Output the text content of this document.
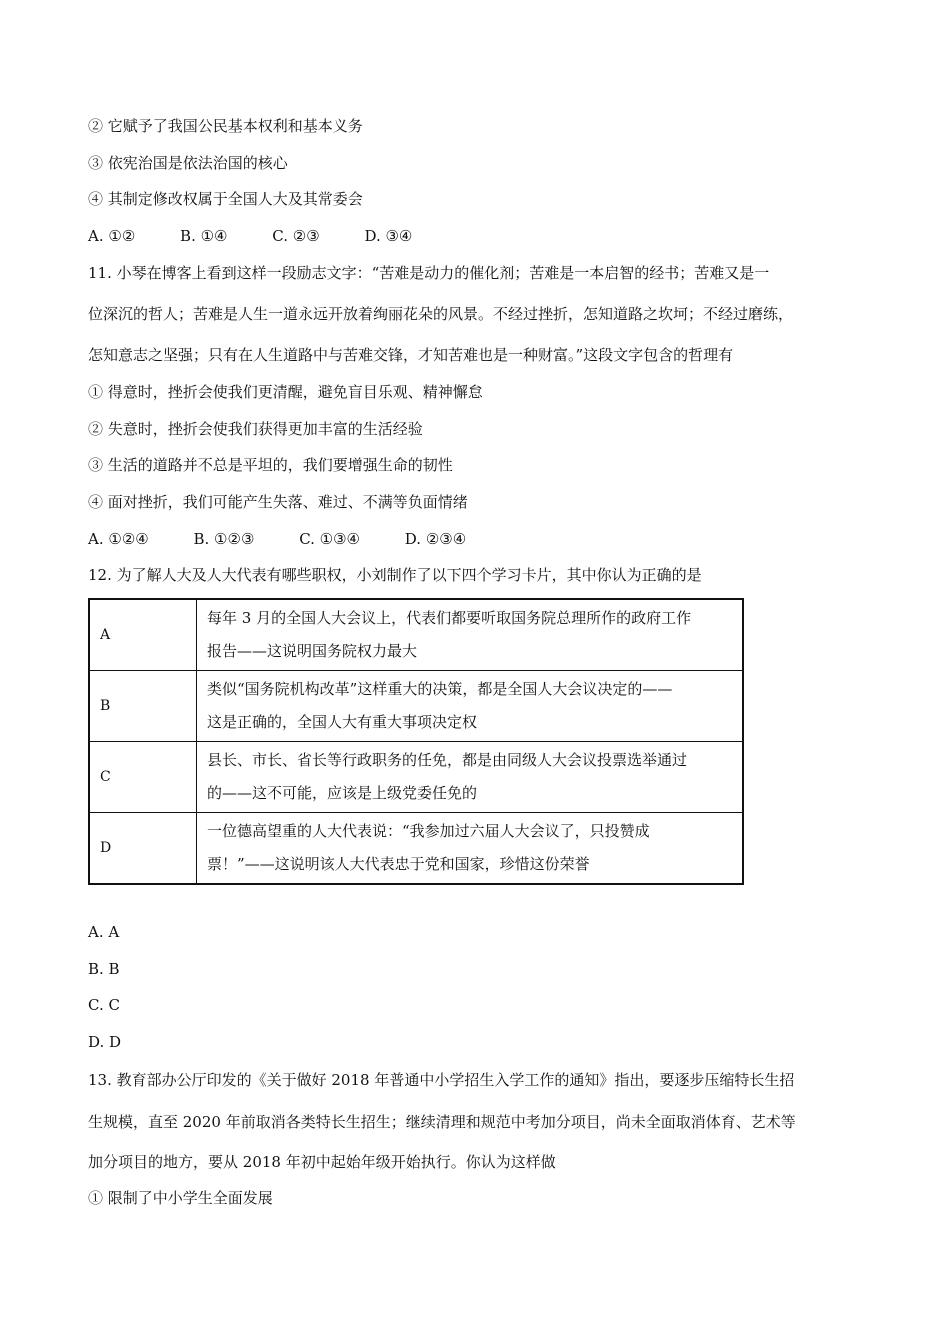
② 它赋予了我国公民基本权利和基本义务
③ 依宪治国是依法治国的核心
④ 其制定修改权属于全国人大及其常委会
A. ①②	B. ①④	C. ②③	D. ③④
11. 小琴在博客上看到这样一段励志文字：“苦难是动力的催化剂；苦难是一本启智的经书；苦难又是一
位深沉的哲人；苦难是人生一道永远开放着绚丽花朵的风景。不经过挫折，怎知道路之坎坷；不经过磨练，
怎知意志之坚强；只有在人生道路中与苦难交锋，才知苦难也是一种财富。”这段文字包含的哲理有
① 得意时，挫折会使我们更清醒，避免盲目乐观、精神懈怠
② 失意时，挫折会使我们获得更加丰富的生活经验
③ 生活的道路并不总是平坦的，我们要增强生命的韧性
④ 面对挫折，我们可能产生失落、难过、不满等负面情绪
A. ①②④	B. ①②③	C. ①③④	D. ②③④
12. 为了解人大及人大代表有哪些职权，小刘制作了以下四个学习卡片，其中你认为正确的是
A	每年 3 月的全国人大会议上，代表们都要听取国务院总理所作的政府工作
报告——这说明国务院权力最大

B	类似“国务院机构改革”这样重大的决策，都是全国人大会议决定的——
这是正确的，全国人大有重大事项决定权

C	县长、市长、省长等行政职务的任免，都是由同级人大会议投票选举通过
的——这不可能，应该是上级党委任免的

D	一位德高望重的人大代表说：“我参加过六届人大会议了，只投赞成
票！”——这说明该人大代表忠于党和国家，珍惜这份荣誉
A. A
B. B
C. C
D. D
13. 教育部办公厅印发的《关于做好 2018 年普通中小学招生入学工作的通知》指出，要逐步压缩特长生招
生规模，直至 2020 年前取消各类特长生招生；继续清理和规范中考加分项目，尚未全面取消体育、艺术等
加分项目的地方，要从 2018 年初中起始年级开始执行。你认为这样做
① 限制了中小学生全面发展
